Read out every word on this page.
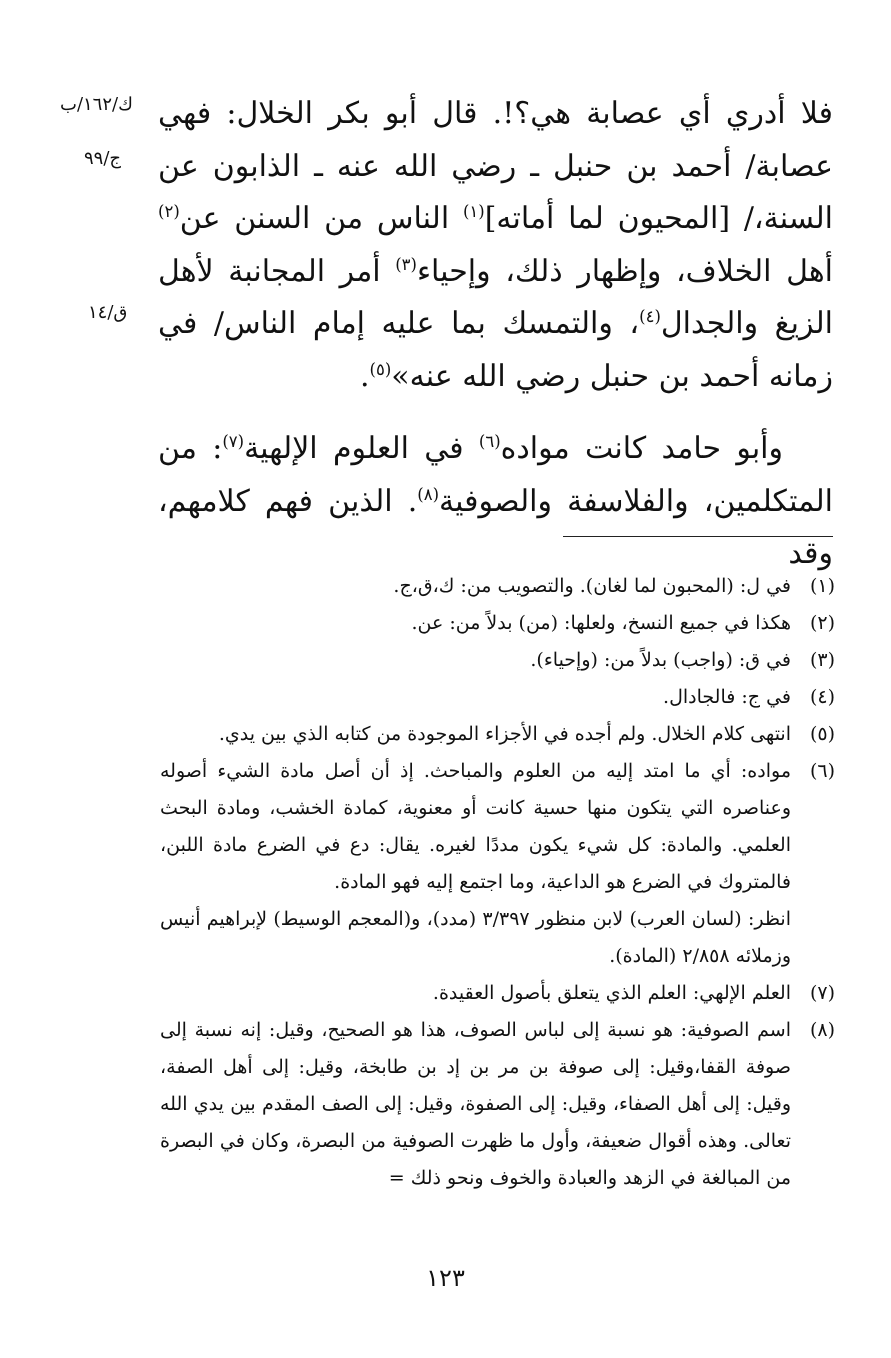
ك/١٦٢/ب
ج/٩٩
ق/١٤

فلا أدري أي عصابة هي؟!. قال أبو بكر الخلال: فهي عصابة/ أحمد بن حنبل ـ رضي الله عنه ـ الذابون عن السنة،/ [المحيون لما أماته]$^{(١)}$ الناس من السنن عن$^{(٢)}$ أهل الخلاف، وإظهار ذلك، وإحياء$^{(٣)}$ أمر المجانبة لأهل الزيغ والجدال$^{(٤)}$، والتمسك بما عليه إمام الناس/ في زمانه أحمد بن حنبل رضي الله عنه»$^{(٥)}$.

وأبو حامد كانت مواده$^{(٦)}$ في العلوم الإلهية$^{(٧)}$: من المتكلمين، والفلاسفة والصوفية$^{(٨)}$. الذين فهم كلامهم، وقد

(١)
في ل: (المحبون لما لغان). والتصويب من: ك،ق،ج.
(٢)
هكذا في جميع النسخ، ولعلها: (من) بدلاً من: عن.
(٣)
في ق: (واجب) بدلاً من: (وإحياء).
(٤)
في ج: فالجادال.
(٥)
انتهى كلام الخلال. ولم أجده في الأجزاء الموجودة من كتابه الذي بين يدي.
(٦)
مواده: أي ما امتد إليه من العلوم والمباحث. إذ أن أصل مادة الشيء أصوله وعناصره التي يتكون منها حسية كانت أو معنوية، كمادة الخشب، ومادة البحث العلمي. والمادة: كل شيء يكون مددًا لغيره. يقال: دع في الضرع مادة اللبن، فالمتروك في الضرع هو الداعية، وما اجتمع إليه فهو المادة.
انظر: (لسان العرب) لابن منظور ٣/٣٩٧ (مدد)، و(المعجم الوسيط) لإبراهيم أنيس وزملائه ٢/٨٥٨ (المادة).
(٧)
العلم الإلهي: العلم الذي يتعلق بأصول العقيدة.
(٨)
اسم الصوفية: هو نسبة إلى لباس الصوف، هذا هو الصحيح، وقيل: إنه نسبة إلى صوفة القفا،وقيل: إلى صوفة بن مر بن إد بن طابخة، وقيل: إلى أهل الصفة، وقيل: إلى أهل الصفاء، وقيل: إلى الصفوة، وقيل: إلى الصف المقدم بين يدي الله تعالى. وهذه أقوال ضعيفة، وأول ما ظهرت الصوفية من البصرة، وكان في البصرة من المبالغة في الزهد والعبادة والخوف ونحو ذلك =
١٢٣
